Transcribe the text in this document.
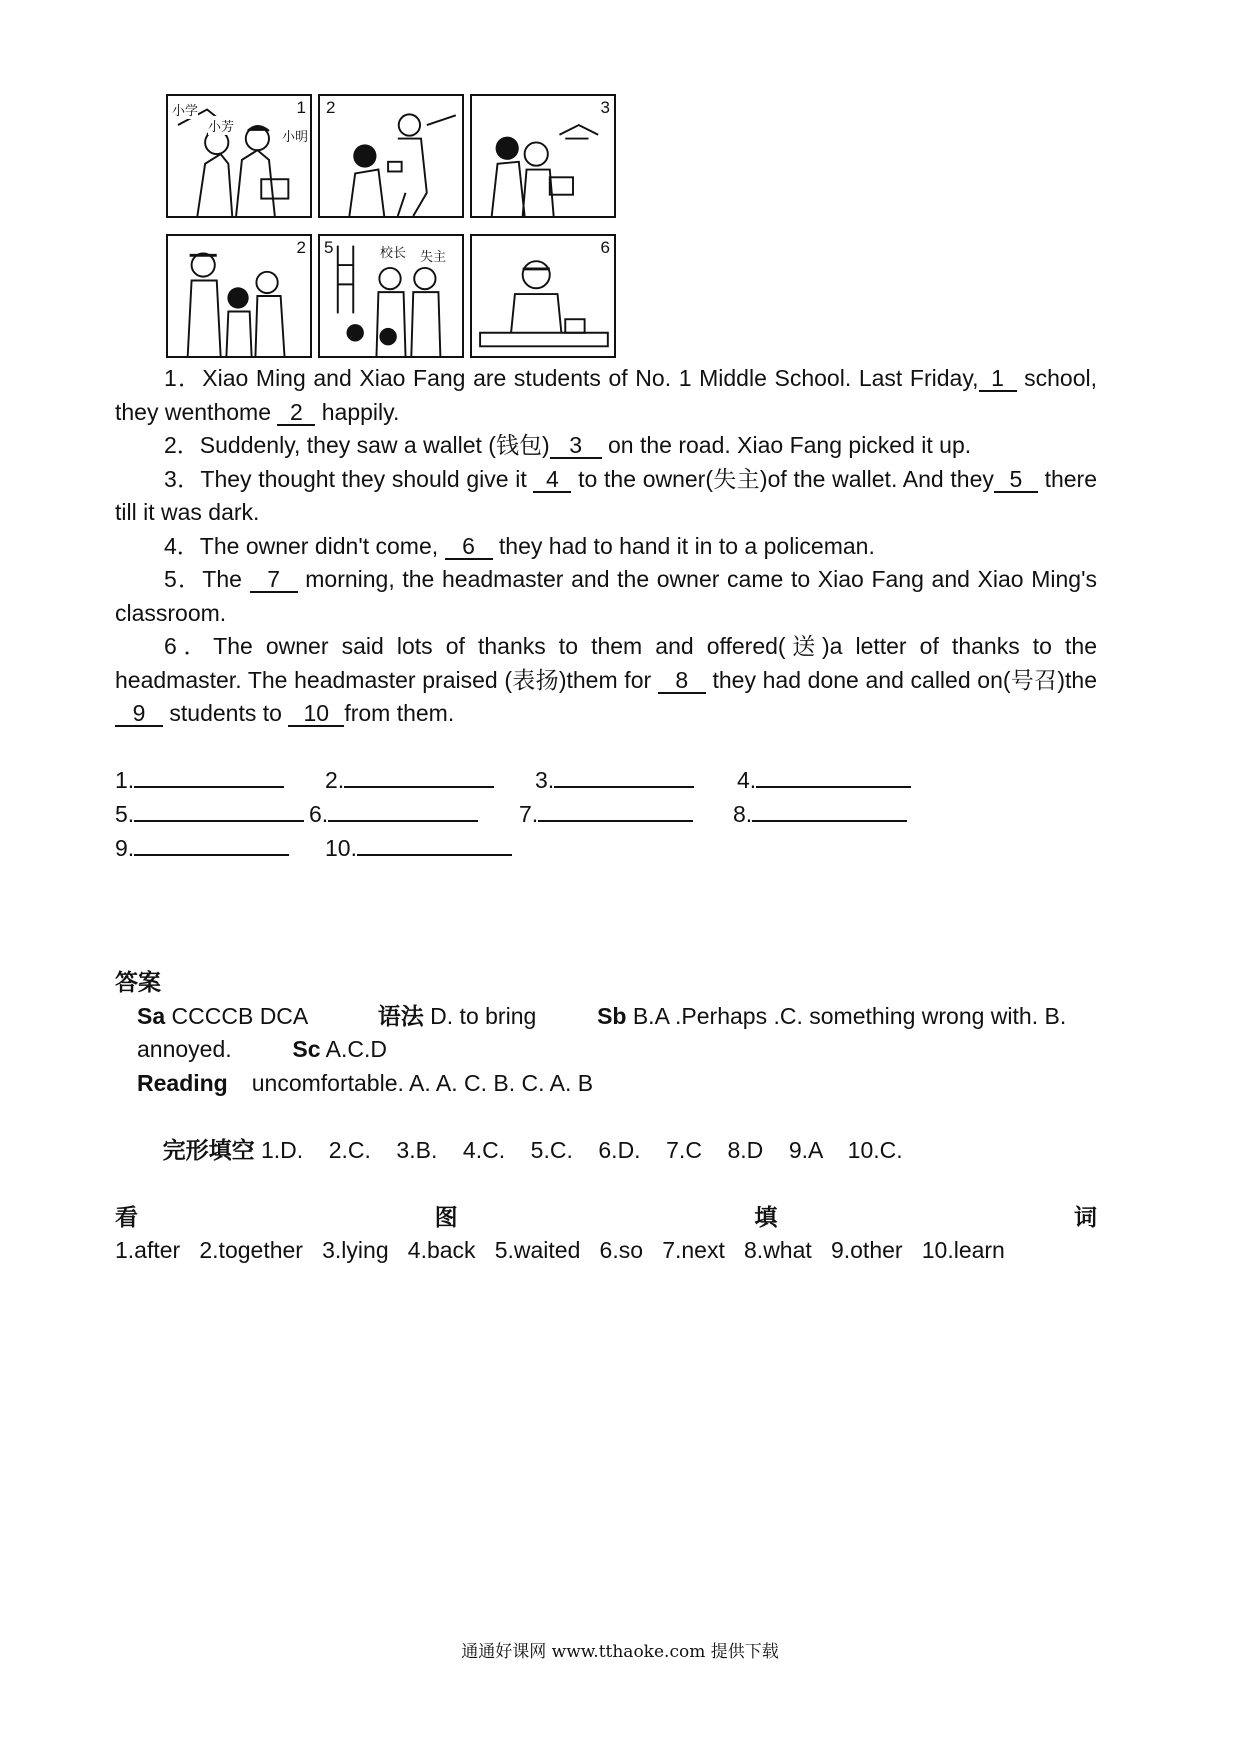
1
小学
小芳
小明
2	3
2 5	校长 失主
6

1．Xiao Ming and Xiao Fang are students of No. 1 Middle School. Last Friday, 1 school, they wenthome 2 happily.

2．Suddenly, they saw a wallet (钱包) 3 on the road. Xiao Fang picked it up.

3．They thought they should give it 4 to the owner(失主)of the wallet. And they 5 there till it was dark.

4．The owner didn't come, 6 they had to hand it in to a policeman.

5．The 7 morning, the headmaster and the owner came to Xiao Fang and Xiao Ming's classroom.

6．The owner said lots of thanks to them and offered(送)a letter of thanks to the headmaster. The headmaster praised (表扬)them for 8 they had done and called on(号召)the9 students to 10 from them.

1.	2.	3.	4.
5.	6.	7.	8.
9.	10.

答案

Sa CCCCB DCA	语法 D. to bring	Sb B.A .Perhaps .C. something wrong with. B. annoyed.	Sc A.C.D

Reading uncomfortable. A. A. C. B. C. A. B

完形填空 1.D.    2.C.    3.B.    4.C.    5.C.    6.D.    7.C    8.D    9.A    10.C.

看	图	填	词

1.after   2.together   3.lying   4.back   5.waited   6.so   7.next   8.what   9.other   10.learn

通通好课网 www.tthaoke.com 提供下载
